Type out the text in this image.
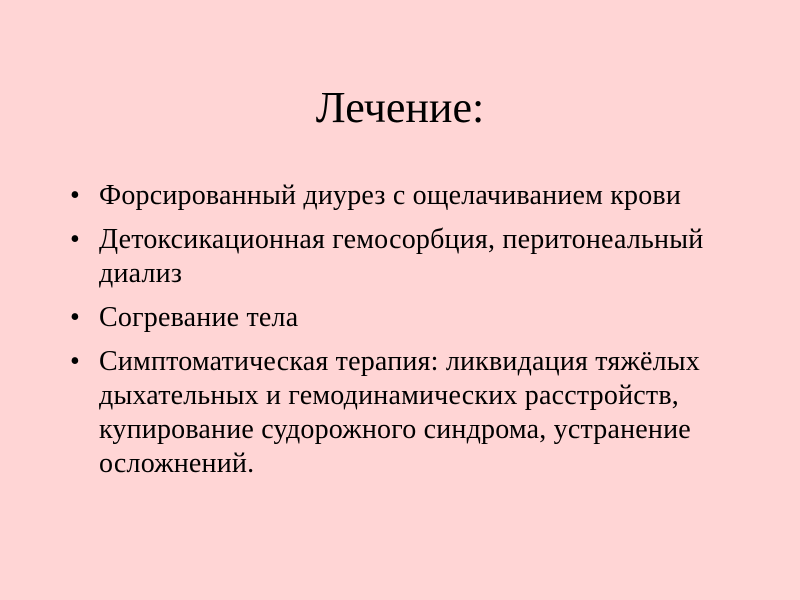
Лечение:
• Форсированный диурез с ощелачиванием крови
• Детоксикационная гемосорбция, перитонеальный диализ
• Согревание тела
• Симптоматическая терапия: ликвидация тяжёлых дыхательных и гемодинамических расстройств, купирование судорожного синдрома, устранение осложнений.
